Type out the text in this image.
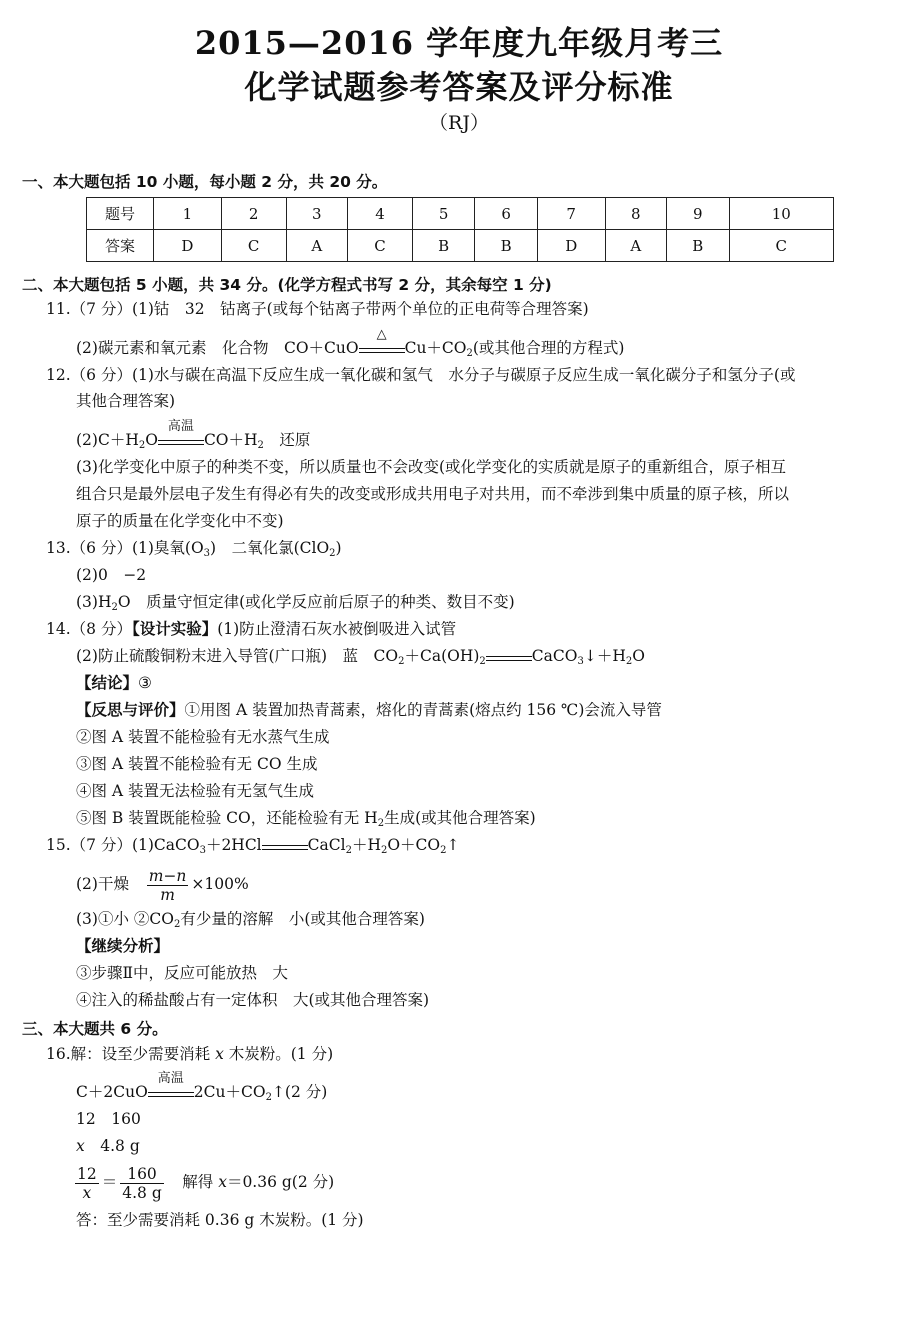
2015—2016 学年度九年级月考三
化学试题参考答案及评分标准
（RJ）
一、本大题包括 10 小题，每小题 2 分，共 20 分。
题号	1	2	3	4	5	6	7	8	9	10
答案	D	C	A	C	B	B	D	A	B	C
二、本大题包括 5 小题，共 34 分。(化学方程式书写 2 分，其余每空 1 分)
11.（7 分）(1)钴　32　钴离子(或每个钴离子带两个单位的正电荷等合理答案)
(2)碳元素和氧元素　化合物　CO＋CuO
△
$Cu+CO_2$(或其他合理的方程式)
12.（6 分）(1)水与碳在高温下反应生成一氧化碳和氢气　水分子与碳原子反应生成一氧化碳分子和氢分子(或
其他合理答案)
$(2)C+H_2O$
高温
$CO+H_2$　还原
(3)化学变化中原子的种类不变，所以质量也不会改变(或化学变化的实质就是原子的重新组合，原子相互
组合只是最外层电子发生有得必有失的改变或形成共用电子对共用，而不牵涉到集中质量的原子核，所以
原子的质量在化学变化中不变)
13.（6 分）(1)臭氧$(O_3)$　二氧化氯(ClO$_2$)
(2)0　−2
$(3)H_2O$　质量守恒定律(或化学反应前后原子的种类、数目不变)
14.（8 分）【设计实验】(1)防止澄清石灰水被倒吸进入试管
(2)防止硫酸铜粉末进入导管(广口瓶)　蓝　$CO_2+Ca(OH)_2$	$CaCO_3↓+H_2O$
【结论】③
【反思与评价】①用图 A 装置加热青蒿素，熔化的青蒿素(熔点约 156 ℃)会流入导管
②图 A 装置不能检验有无水蒸气生成
③图 A 装置不能检验有无 CO 生成
④图 A 装置无法检验有无氢气生成
⑤图 B 装置既能检验 CO，还能检验有无 $H_2$生成(或其他合理答案)
15.（7 分）(1)CaCO$_3$＋2HCl	$CaCl_2+H_2O+CO_2↑$
(2)干燥 $\frac{m-n}{m} \times 100\%$
(3)①小 $②CO_2$有少量的溶解　小(或其他合理答案)
【继续分析】
③步骤Ⅱ中，反应可能放热　大
④注入的稀盐酸占有一定体积　大(或其他合理答案)
三、本大题共 6 分。
16.解：设至少需要消耗 x 木炭粉。(1 分)
C＋2CuO
高温
$2Cu+CO_2↑(2$ 分)
12　160
x　4.8 g
$\frac{12}{x} = \frac{160}{4.8 g}$ 　解得 x＝0.36 g(2 分)
答：至少需要消耗 0.36 g 木炭粉。(1 分)
